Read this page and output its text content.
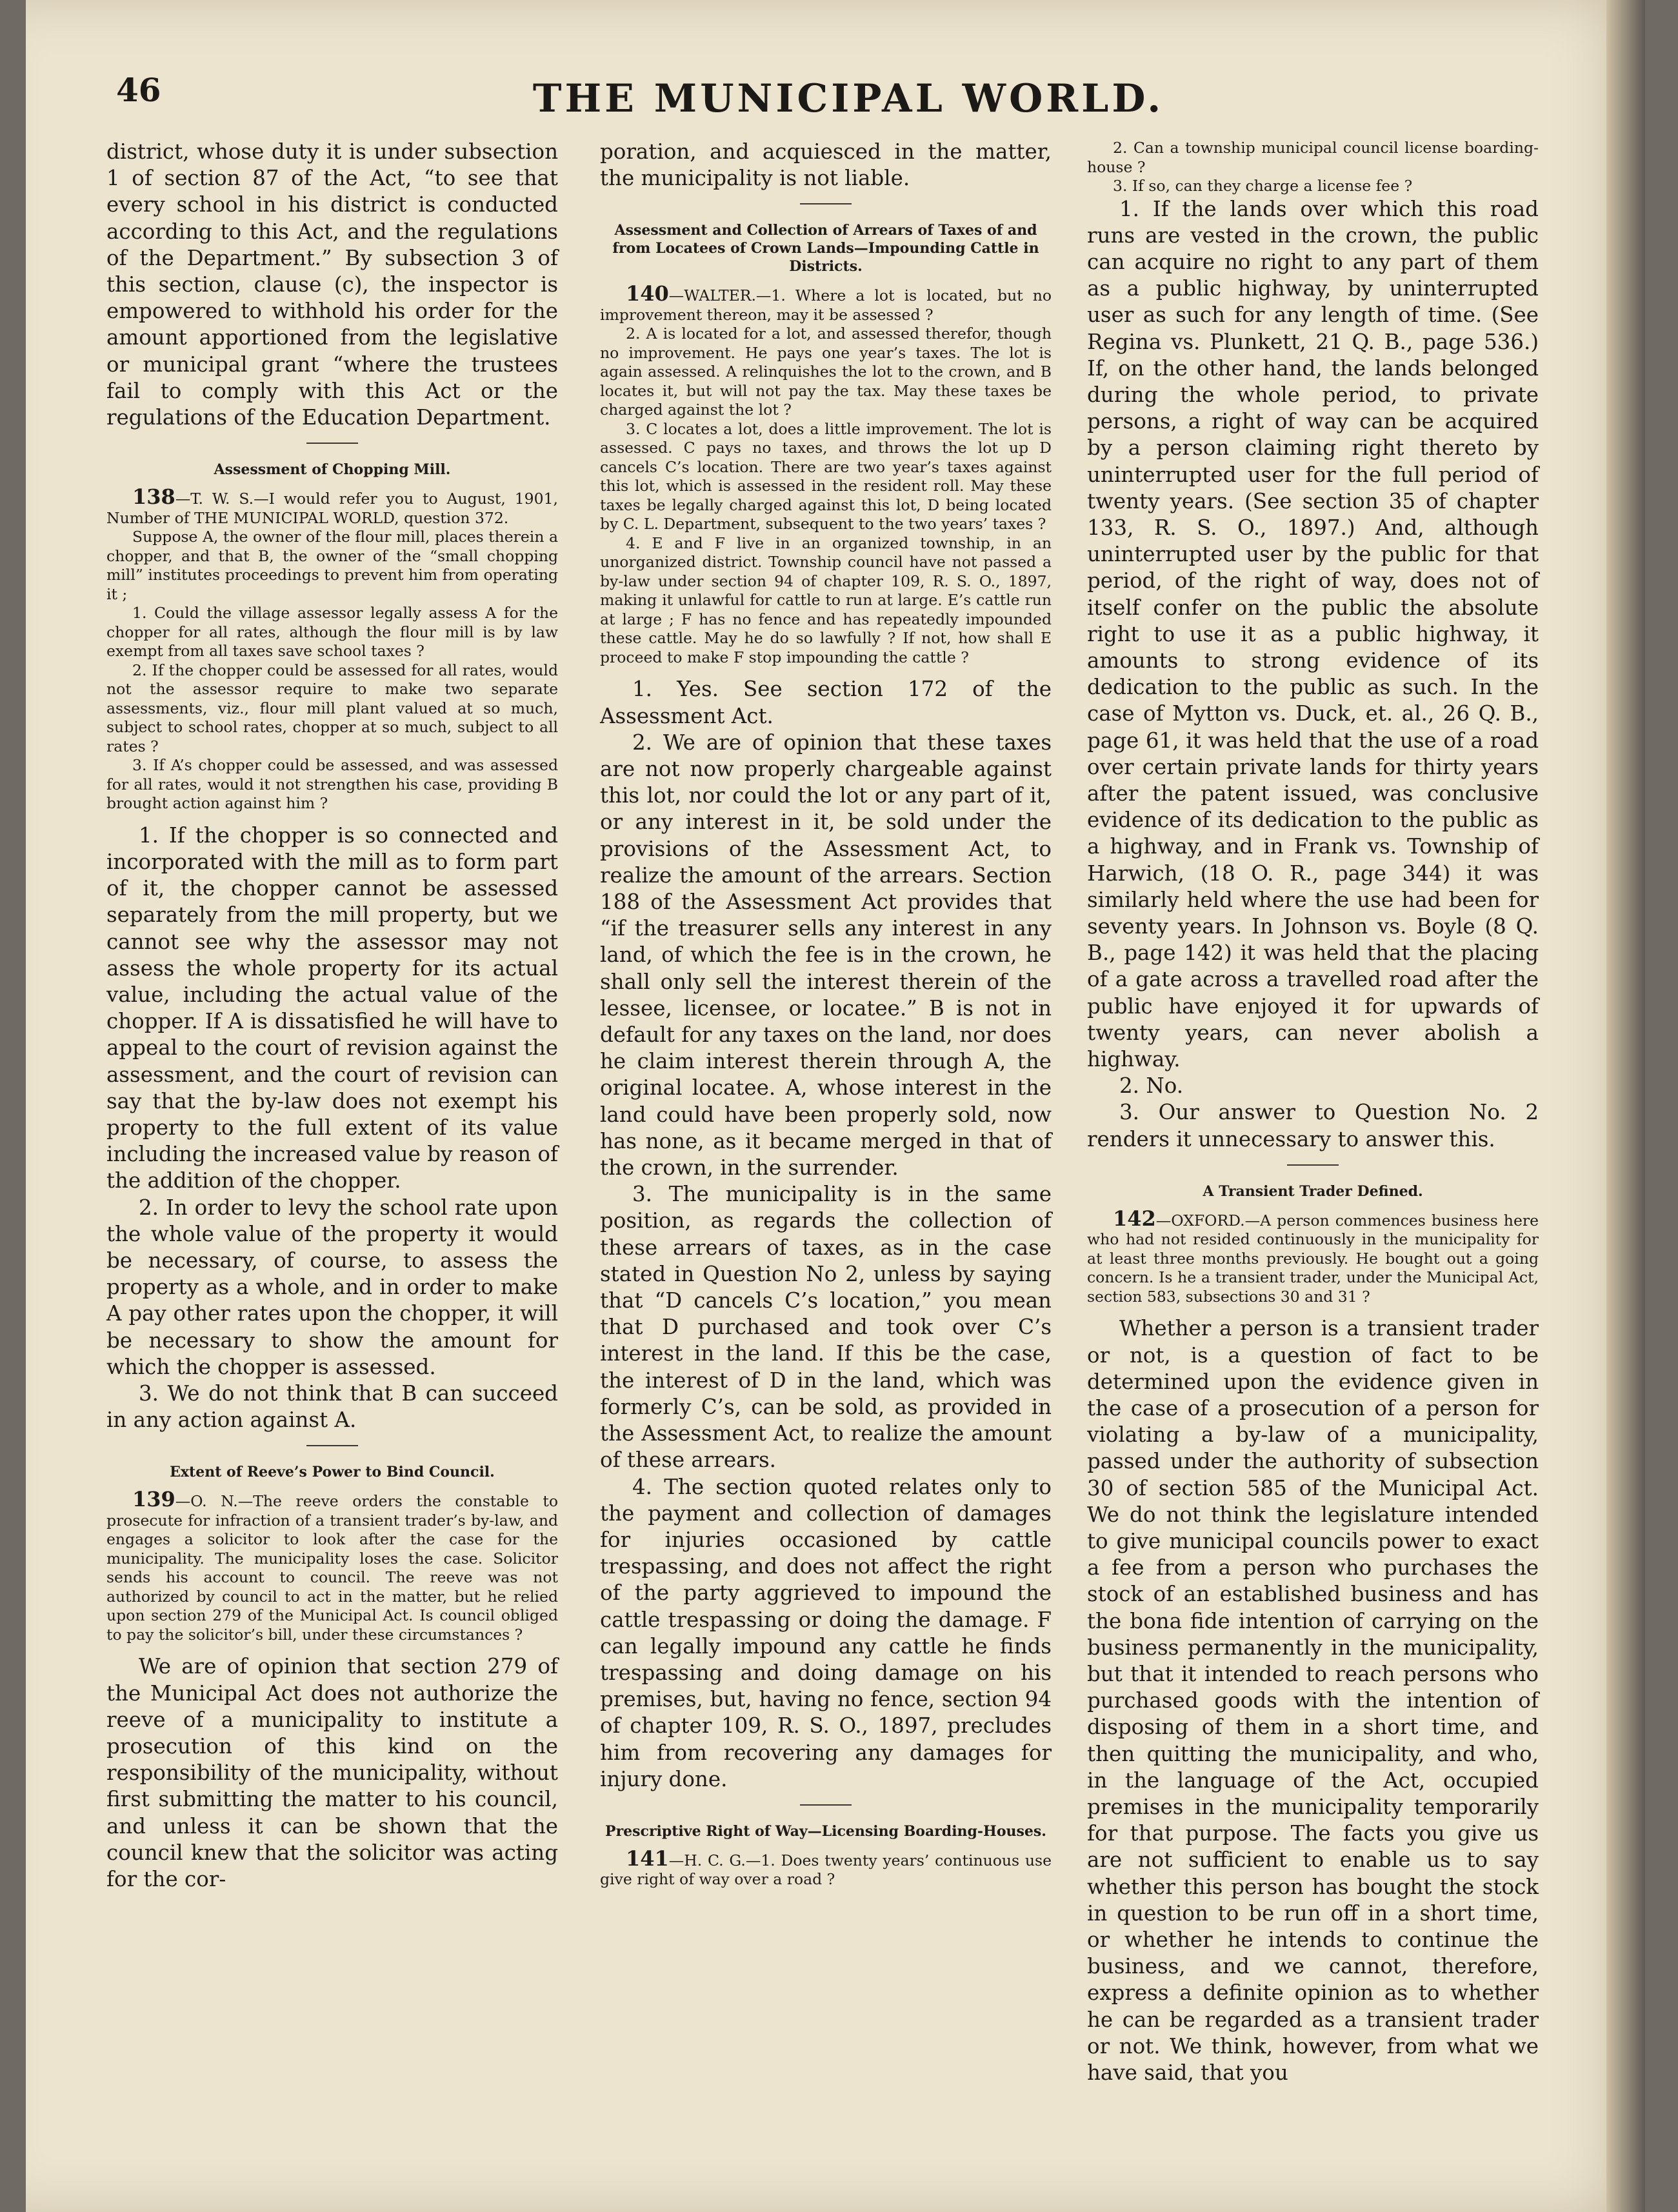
46	THE MUNICIPAL WORLD.

district, whose duty it is under subsection 1 of section 87 of the Act, “to see that every school in his district is conducted according to this Act, and the regulations of the Department.” By subsection 3 of this section, clause (c), the inspector is empowered to withhold his order for the amount apportioned from the legislative or municipal grant “where the trustees fail to comply with this Act or the regulations of the Education Department.

Assessment of Chopping Mill.

138—T. W. S.—I would refer you to August, 1901, Number of THE MUNICIPAL WORLD, question 372.

Suppose A, the owner of the flour mill, places therein a chopper, and that B, the owner of the “small chopping mill” institutes proceedings to prevent him from operating it ;

1. Could the village assessor legally assess A for the chopper for all rates, although the flour mill is by law exempt from all taxes save school taxes ?

2. If the chopper could be assessed for all rates, would not the assessor require to make two separate assessments, viz., flour mill plant valued at so much, subject to school rates, chopper at so much, subject to all rates ?

3. If A’s chopper could be assessed, and was assessed for all rates, would it not strengthen his case, providing B brought action against him ?

1. If the chopper is so connected and incorporated with the mill as to form part of it, the chopper cannot be assessed separately from the mill property, but we cannot see why the assessor may not assess the whole property for its actual value, including the actual value of the chopper. If A is dissatisfied he will have to appeal to the court of revision against the assessment, and the court of revision can say that the by-law does not exempt his property to the full extent of its value including the increased value by reason of the addition of the chopper.

2. In order to levy the school rate upon the whole value of the property it would be necessary, of course, to assess the property as a whole, and in order to make A pay other rates upon the chopper, it will be necessary to show the amount for which the chopper is assessed.

3. We do not think that B can succeed in any action against A.

Extent of Reeve’s Power to Bind Council.

139—O. N.—The reeve orders the constable to prosecute for infraction of a transient trader’s by-law, and engages a solicitor to look after the case for the municipality. The municipality loses the case. Solicitor sends his account to council. The reeve was not authorized by council to act in the matter, but he relied upon section 279 of the Municipal Act. Is council obliged to pay the solicitor’s bill, under these circumstances ?

We are of opinion that section 279 of the Municipal Act does not authorize the reeve of a municipality to institute a prosecution of this kind on the responsibility of the municipality, without first submitting the matter to his council, and unless it can be shown that the council knew that the solicitor was acting for the cor-

poration, and acquiesced in the matter, the municipality is not liable.

Assessment and Collection of Arrears of Taxes of and from Locatees of Crown Lands—Impounding Cattle in Districts.

140—WALTER.—1. Where a lot is located, but no improvement thereon, may it be assessed ?

2. A is located for a lot, and assessed therefor, though no improvement. He pays one year’s taxes. The lot is again assessed. A relinquishes the lot to the crown, and B locates it, but will not pay the tax. May these taxes be charged against the lot ?

3. C locates a lot, does a little improvement. The lot is assessed. C pays no taxes, and throws the lot up D cancels C’s location. There are two year’s taxes against this lot, which is assessed in the resident roll. May these taxes be legally charged against this lot, D being located by C. L. Department, subsequent to the two years’ taxes ?

4. E and F live in an organized township, in an unorganized district. Township council have not passed a by-law under section 94 of chapter 109, R. S. O., 1897, making it unlawful for cattle to run at large. E’s cattle run at large ; F has no fence and has repeatedly impounded these cattle. May he do so lawfully ? If not, how shall E proceed to make F stop impounding the cattle ?

1. Yes. See section 172 of the Assessment Act.

2. We are of opinion that these taxes are not now properly chargeable against this lot, nor could the lot or any part of it, or any interest in it, be sold under the provisions of the Assessment Act, to realize the amount of the arrears. Section 188 of the Assessment Act provides that “if the treasurer sells any interest in any land, of which the fee is in the crown, he shall only sell the interest therein of the lessee, licensee, or locatee.” B is not in default for any taxes on the land, nor does he claim interest therein through A, the original locatee. A, whose interest in the land could have been properly sold, now has none, as it became merged in that of the crown, in the surrender.

3. The municipality is in the same position, as regards the collection of these arrears of taxes, as in the case stated in Question No 2, unless by saying that “D cancels C’s location,” you mean that D purchased and took over C’s interest in the land. If this be the case, the interest of D in the land, which was formerly C’s, can be sold, as provided in the Assessment Act, to realize the amount of these arrears.

4. The section quoted relates only to the payment and collection of damages for injuries occasioned by cattle trespassing, and does not affect the right of the party aggrieved to impound the cattle trespassing or doing the damage. F can legally impound any cattle he finds trespassing and doing damage on his premises, but, having no fence, section 94 of chapter 109, R. S. O., 1897, precludes him from recovering any damages for injury done.

Prescriptive Right of Way—Licensing Boarding-Houses.

141—H. C. G.—1. Does twenty years’ continuous use give right of way over a road ?

2. Can a township municipal council license boarding-house ?

3. If so, can they charge a license fee ?

1. If the lands over which this road runs are vested in the crown, the public can acquire no right to any part of them as a public highway, by uninterrupted user as such for any length of time. (See Regina vs. Plunkett, 21 Q. B., page 536.) If, on the other hand, the lands belonged during the whole period, to private persons, a right of way can be acquired by a person claiming right thereto by uninterrupted user for the full period of twenty years. (See section 35 of chapter 133, R. S. O., 1897.) And, although uninterrupted user by the public for that period, of the right of way, does not of itself confer on the public the absolute right to use it as a public highway, it amounts to strong evidence of its dedication to the public as such. In the case of Mytton vs. Duck, et. al., 26 Q. B., page 61, it was held that the use of a road over certain private lands for thirty years after the patent issued, was conclusive evidence of its dedication to the public as a highway, and in Frank vs. Township of Harwich, (18 O. R., page 344) it was similarly held where the use had been for seventy years. In Johnson vs. Boyle (8 Q. B., page 142) it was held that the placing of a gate across a travelled road after the public have enjoyed it for upwards of twenty years, can never abolish a highway.

2. No.

3. Our answer to Question No. 2 renders it unnecessary to answer this.

A Transient Trader Defined.

142—OXFORD.—A person commences business here who had not resided continuously in the municipality for at least three months previously. He bought out a going concern. Is he a transient trader, under the Municipal Act, section 583, subsections 30 and 31 ?

Whether a person is a transient trader or not, is a question of fact to be determined upon the evidence given in the case of a prosecution of a person for violating a by-law of a municipality, passed under the authority of subsection 30 of section 585 of the Municipal Act. We do not think the legislature intended to give municipal councils power to exact a fee from a person who purchases the stock of an established business and has the bona fide intention of carrying on the business permanently in the municipality, but that it intended to reach persons who purchased goods with the intention of disposing of them in a short time, and then quitting the municipality, and who, in the language of the Act, occupied premises in the municipality temporarily for that purpose. The facts you give us are not sufficient to enable us to say whether this person has bought the stock in question to be run off in a short time, or whether he intends to continue the business, and we cannot, therefore, express a definite opinion as to whether he can be regarded as a transient trader or not. We think, however, from what we have said, that you
